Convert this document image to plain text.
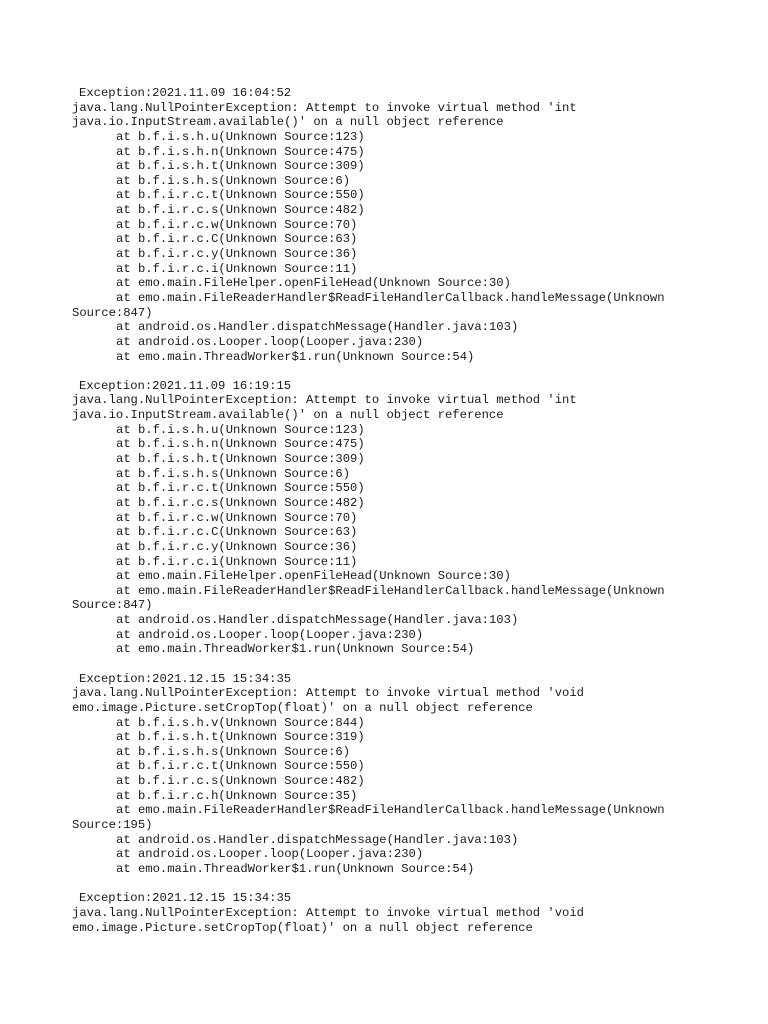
Exception:2021.11.09 16:04:52
java.lang.NullPointerException: Attempt to invoke virtual method 'int
java.io.InputStream.available()' on a null object reference
at b.f.i.s.h.u(Unknown Source:123)
at b.f.i.s.h.n(Unknown Source:475)
at b.f.i.s.h.t(Unknown Source:309)
at b.f.i.s.h.s(Unknown Source:6)
at b.f.i.r.c.t(Unknown Source:550)
at b.f.i.r.c.s(Unknown Source:482)
at b.f.i.r.c.w(Unknown Source:70)
at b.f.i.r.c.C(Unknown Source:63)
at b.f.i.r.c.y(Unknown Source:36)
at b.f.i.r.c.i(Unknown Source:11)
at emo.main.FileHelper.openFileHead(Unknown Source:30)
at emo.main.FileReaderHandler$ReadFileHandlerCallback.handleMessage(Unknown
Source:847)
at android.os.Handler.dispatchMessage(Handler.java:103)
at android.os.Looper.loop(Looper.java:230)
at emo.main.ThreadWorker$1.run(Unknown Source:54)
Exception:2021.11.09 16:19:15
java.lang.NullPointerException: Attempt to invoke virtual method 'int
java.io.InputStream.available()' on a null object reference
at b.f.i.s.h.u(Unknown Source:123)
at b.f.i.s.h.n(Unknown Source:475)
at b.f.i.s.h.t(Unknown Source:309)
at b.f.i.s.h.s(Unknown Source:6)
at b.f.i.r.c.t(Unknown Source:550)
at b.f.i.r.c.s(Unknown Source:482)
at b.f.i.r.c.w(Unknown Source:70)
at b.f.i.r.c.C(Unknown Source:63)
at b.f.i.r.c.y(Unknown Source:36)
at b.f.i.r.c.i(Unknown Source:11)
at emo.main.FileHelper.openFileHead(Unknown Source:30)
at emo.main.FileReaderHandler$ReadFileHandlerCallback.handleMessage(Unknown
Source:847)
at android.os.Handler.dispatchMessage(Handler.java:103)
at android.os.Looper.loop(Looper.java:230)
at emo.main.ThreadWorker$1.run(Unknown Source:54)
Exception:2021.12.15 15:34:35
java.lang.NullPointerException: Attempt to invoke virtual method 'void
emo.image.Picture.setCropTop(float)' on a null object reference
at b.f.i.s.h.v(Unknown Source:844)
at b.f.i.s.h.t(Unknown Source:319)
at b.f.i.s.h.s(Unknown Source:6)
at b.f.i.r.c.t(Unknown Source:550)
at b.f.i.r.c.s(Unknown Source:482)
at b.f.i.r.c.h(Unknown Source:35)
at emo.main.FileReaderHandler$ReadFileHandlerCallback.handleMessage(Unknown
Source:195)
at android.os.Handler.dispatchMessage(Handler.java:103)
at android.os.Looper.loop(Looper.java:230)
at emo.main.ThreadWorker$1.run(Unknown Source:54)
Exception:2021.12.15 15:34:35
java.lang.NullPointerException: Attempt to invoke virtual method 'void
emo.image.Picture.setCropTop(float)' on a null object reference
